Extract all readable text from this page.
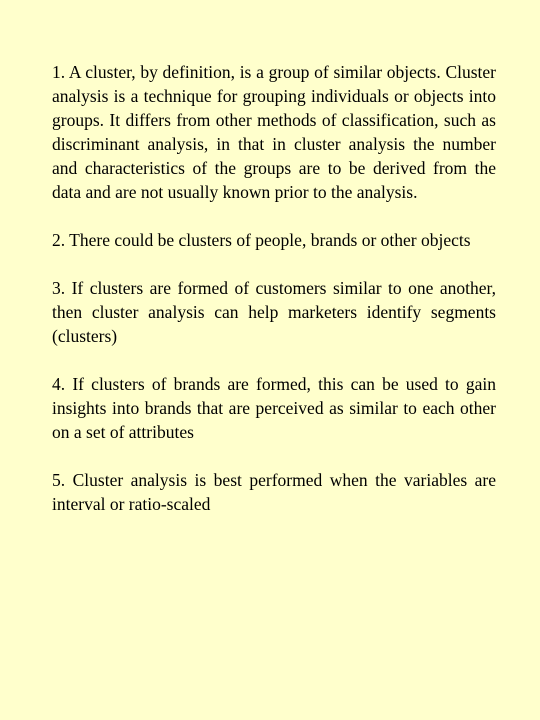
1. A cluster, by definition, is a group of similar objects. Cluster analysis is a technique for grouping individuals or objects into groups. It differs from other methods of classification, such as discriminant analysis, in that in cluster analysis the number and characteristics of the groups are to be derived from the data and are not usually known prior to the analysis.

2. There could be clusters of people, brands or other objects

3. If clusters are formed of customers similar to one another, then cluster analysis can help marketers identify segments (clusters)

4. If clusters of brands are formed, this can be used to gain insights into brands that are perceived as similar to each other on a set of attributes

5. Cluster analysis is best performed when the variables are interval or ratio-scaled
